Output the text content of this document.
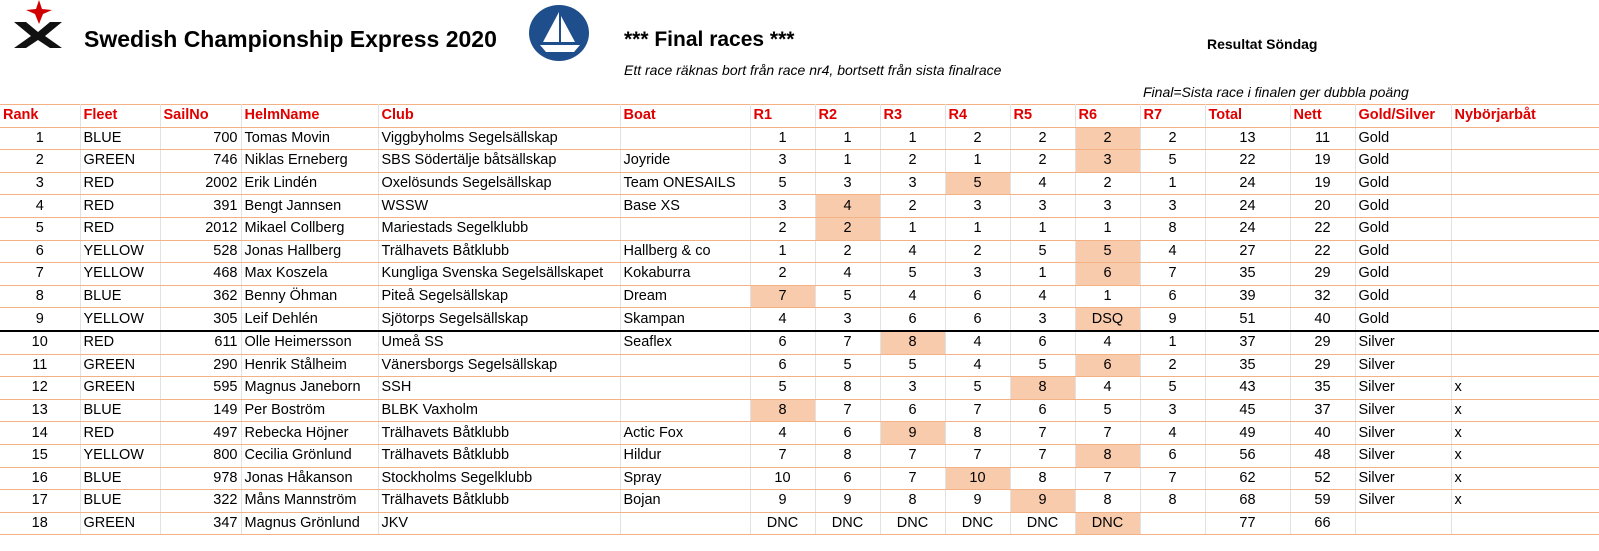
Swedish Championship Express 2020	*** Final races ***
Ett race räknas bort från race nr4, bortsett från sista finalrace
Resultat Söndag
Final=Sista race i finalen ger dubbla poäng
Rank	Fleet	SailNo	HelmName	Club	Boat	R1	R2	R3	R4	R5	R6	R7	Total	Nett	Gold/Silver	Nybörjarbåt
1	BLUE	700	Tomas Movin	Viggbyholms Segelsällskap		1	1	1	2	2	2	2	13	11	Gold	
2	GREEN	746	Niklas Erneberg	SBS Södertälje båtsällskap	Joyride	3	1	2	1	2	3	5	22	19	Gold	
3	RED	2002	Erik Lindén	Oxelösunds Segelsällskap	Team ONESAILS	5	3	3	5	4	2	1	24	19	Gold	
4	RED	391	Bengt Jannsen	WSSW	Base XS	3	4	2	3	3	3	3	24	20	Gold	
5	RED	2012	Mikael Collberg	Mariestads Segelklubb		2	2	1	1	1	1	8	24	22	Gold	
6	YELLOW	528	Jonas Hallberg	Trälhavets Båtklubb	Hallberg & co	1	2	4	2	5	5	4	27	22	Gold	
7	YELLOW	468	Max Koszela	Kungliga Svenska Segelsällskapet	Kokaburra	2	4	5	3	1	6	7	35	29	Gold	
8	BLUE	362	Benny Öhman	Piteå Segelsällskap	Dream	7	5	4	6	4	1	6	39	32	Gold	
9	YELLOW	305	Leif Dehlén	Sjötorps Segelsällskap	Skampan	4	3	6	6	3	DSQ	9	51	40	Gold	
10	RED	611	Olle Heimersson	Umeå SS	Seaflex	6	7	8	4	6	4	1	37	29	Silver	
11	GREEN	290	Henrik Stålheim	Vänersborgs Segelsällskap		6	5	5	4	5	6	2	35	29	Silver	
12	GREEN	595	Magnus Janeborn	SSH		5	8	3	5	8	4	5	43	35	Silver	x
13	BLUE	149	Per Boström	BLBK Vaxholm		8	7	6	7	6	5	3	45	37	Silver	x
14	RED	497	Rebecka Höjner	Trälhavets Båtklubb	Actic Fox	4	6	9	8	7	7	4	49	40	Silver	x
15	YELLOW	800	Cecilia Grönlund	Trälhavets Båtklubb	Hildur	7	8	7	7	7	8	6	56	48	Silver	x
16	BLUE	978	Jonas Håkanson	Stockholms Segelklubb	Spray	10	6	7	10	8	7	7	62	52	Silver	x
17	BLUE	322	Måns Mannström	Trälhavets Båtklubb	Bojan	9	9	8	9	9	8	8	68	59	Silver	x
18	GREEN	347	Magnus Grönlund	JKV		DNC	DNC	DNC	DNC	DNC	DNC		77	66		
